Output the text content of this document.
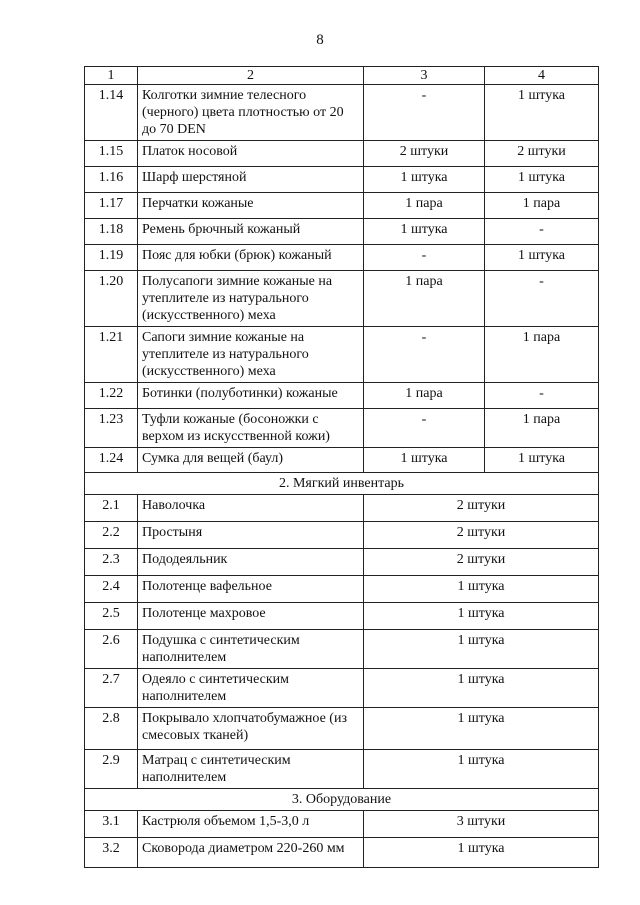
8
1	2	3	4
1.14	Колготки зимние телесного (черного) цвета плотностью от 20 до 70 DEN	-	1 штука
1.15	Платок носовой	2 штуки	2 штуки
1.16	Шарф шерстяной	1 штука	1 штука
1.17	Перчатки кожаные	1 пара	1 пара
1.18	Ремень брючный кожаный	1 штука	-
1.19	Пояс для юбки (брюк) кожаный	-	1 штука
1.20	Полусапоги зимние кожаные на утеплителе из натурального (искусственного) меха	1 пара	-
1.21	Сапоги зимние кожаные на утеплителе из натурального (искусственного) меха	-	1 пара
1.22	Ботинки (полуботинки) кожаные	1 пара	-
1.23	Туфли кожаные (босоножки с верхом из искусственной кожи)	-	1 пара
1.24	Сумка для вещей (баул)	1 штука	1 штука
2. Мягкий инвентарь			
2.1	Наволочка	2 штуки	
2.2	Простыня	2 штуки	
2.3	Пододеяльник	2 штуки	
2.4	Полотенце вафельное	1 штука	
2.5	Полотенце махровое	1 штука	
2.6	Подушка с синтетическим наполнителем	1 штука	
2.7	Одеяло с синтетическим наполнителем	1 штука	
2.8	Покрывало хлопчатобумажное (из смесовых тканей)	1 штука	
2.9	Матрац с синтетическим наполнителем	1 штука	
3. Оборудование			
3.1	Кастрюля объемом 1,5-3,0 л	3 штуки	
3.2	Сковорода диаметром 220-260 мм	1 штука	
